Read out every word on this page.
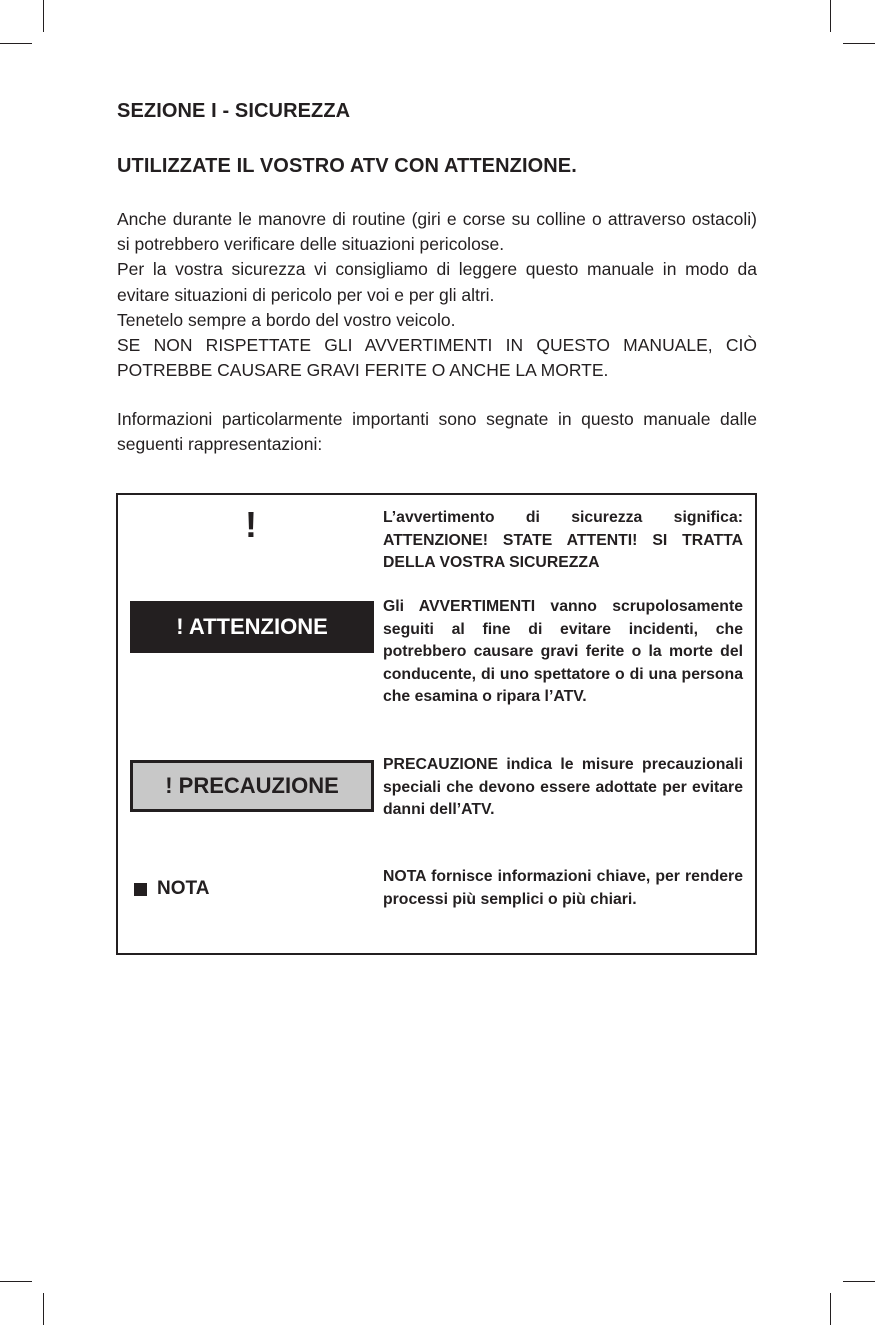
SEZIONE I - SICUREZZA
UTILIZZATE IL VOSTRO ATV CON ATTENZIONE.

Anche durante le manovre di routine (giri e corse su colline o attraverso ostacoli) si potrebbero verificare delle situazioni pericolose.

Per la vostra sicurezza vi consigliamo di leggere questo manuale in modo da evitare situazioni di pericolo per voi e per gli altri.

Tenetelo sempre a bordo del vostro veicolo.

SE NON RISPETTATE GLI AVVERTIMENTI IN QUESTO MANUALE, CIÒ POTREBBE CAUSARE GRAVI FERITE O ANCHE LA MORTE.

Informazioni particolarmente importanti sono segnate in questo manuale dalle seguenti rappresentazioni:

!	L’avvertimento di sicurezza significa: ATTENZIONE! STATE ATTENTI! SI TRATTA DELLA VOSTRA SICUREZZA

! ATTENZIONE

Gli AVVERTIMENTI vanno scrupolosamente seguiti al fine di evitare incidenti, che potrebbero causare gravi ferite o la morte del conducente, di uno spettatore o di una persona che esamina o ripara l’ATV.

! PRECAUZIONE

PRECAUZIONE indica le misure precauzionali speciali che devono essere adottate per evitare danni dell’ATV.

NOTA

NOTA fornisce informazioni chiave, per rendere processi più semplici o più chiari.
